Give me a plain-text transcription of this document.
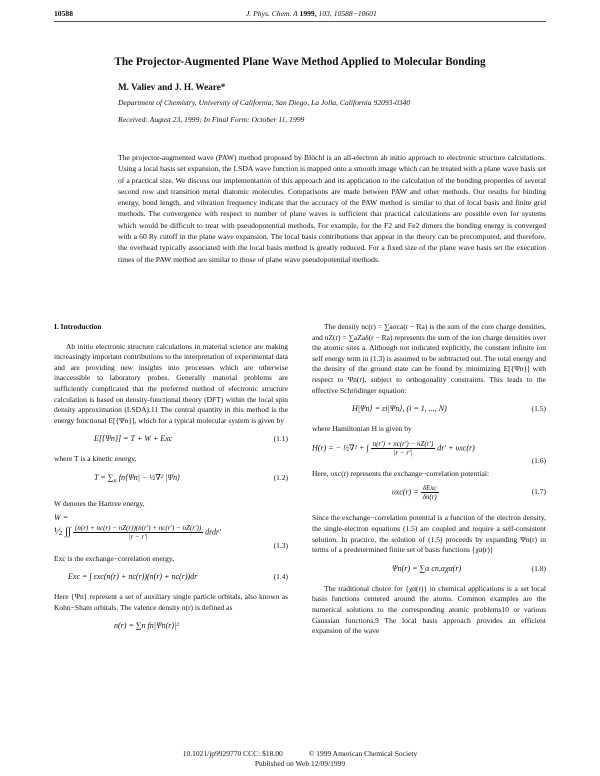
10588	J. Phys. Chem. A 1999, 103, 10588−10601
The Projector-Augmented Plane Wave Method Applied to Molecular Bonding
M. Valiev and J. H. Weare*
Department of Chemistry, University of California, San Diego, La Jolla, California 92093-0340
Received: August 23, 1999; In Final Form: October 11, 1999
The projector-augmented wave (PAW) method proposed by Blöchl is an all-electron ab initio approach to electronic structure calculations. Using a local basis set expansion, the LSDA wave function is mapped onto a smooth image which can be treated with a plane wave basis set of a practical size. We discuss our implementation of this approach and its application to the calculation of the bonding properties of several second row and transition metal diatomic molecules. Comparisons are made between PAW and other methods. Our results for binding energy, bond length, and vibration frequency indicate that the accuracy of the PAW method is similar to that of local basis and finite grid methods. The convergence with respect to number of plane waves is sufficient that practical calculations are possible even for systems which would be difficult to treat with pseudopotential methods. For example, for the F2 and Fe2 dimers the bonding energy is converged with a 60 Ry cutoff in the plane wave expansion. The local basis contributions that appear in the theory can be precomputed, and therefore, the overhead typically associated with the local basis method is greatly reduced. For a fixed size of the plane wave basis set the execution times of the PAW method are similar to those of plane wave pseudopotential methods.
I. Introduction

Ab initio electronic structure calculations in material science are making increasingly important contributions to the interpretation of experimental data and are providing new insights into processes which are otherwise inaccessible to laboratory probes. Generally material problems are sufficiently complicated that the preferred method of electronic structure calculation is based on density-functional theory (DFT) within the local spin density approximation (LSDA).11 The central quantity in this method is the energy functional E[{Ψn}], which for a typical molecular system is given by

E[{Ψn}] = T + W + Exc	(1.1)

where T is a kinetic energy,

$T = \sum_n$ fn⟨Ψn| − ½∇² |Ψn⟩	(1.2)

W denotes the Hartree energy,

W =
½ ∫∫ $\frac{(n(r) + nc(r) - nZ(r))(n(r') + nc(r') - nZ(r'))}{|r - r'|}$ drdr′
(1.3)

Exc is the exchange−correlation energy,

Exc = ∫ εxc(n(r) + nc(r))(n(r) + nc(r))dr	(1.4)

Here {Ψn} represent a set of auxiliary single particle orbitals, also known as Kohn−Sham orbitals. The valence density n(r) is defined as

n(r) = ∑n fn|Ψn(r)|²

The density nc(r) = ∑aσca(r − Ra) is the sum of the core charge densities, and nZ(r) = ∑aZaδ(r − Ra) represents the sum of the ion charge densities over the atomic sites a. Although not indicated explicitly, the constant infinite ion self energy term in (1.3) is assumed to be subtracted out. The total energy and the density of the ground state can be found by minimizing E[{Ψn}] with respect to Ψn(r), subject to orthogonality constraints. This leads to the effective Schrödinger equation:

H|Ψn⟩ = εi|Ψn⟩, (i = 1, ..., N)	(1.5)

where Hamiltonian H is given by

H(r) = − ½∇² + ∫ $\frac{n(r') + nc(r') - nZ(r')}{|r - r'|} dr' + \upsilon xc(r)$
(1.6)

Here, υxc(r) represents the exchange−correlation potential:

$\upsilon xc(r) = \frac{\text{δExc}}{\delta n(r)}$	(1.7)

Since the exchange−correlation potential is a function of the electron density, the single-electron equations (1.5) are coupled and require a self-consistent solution. In practice, the solution of (1.5) proceeds by expanding Ψn(r) in terms of a predetermined finite set of basis functions {χα(r)}

Ψn(r) = ∑α cn,αχα(r)	(1.8)

The traditional choice for {χα(r)} in chemical applications is a set local basis functions centered around the atoms. Common examples are the numerical solutions to the corresponding atomic problems10 or various Gaussian functions.9 The local basis approach provides an efficient expansion of the wave

10.1021/jp9929770 CCC: $18.00	© 1999 American Chemical Society
Published on Web 12/09/1999
